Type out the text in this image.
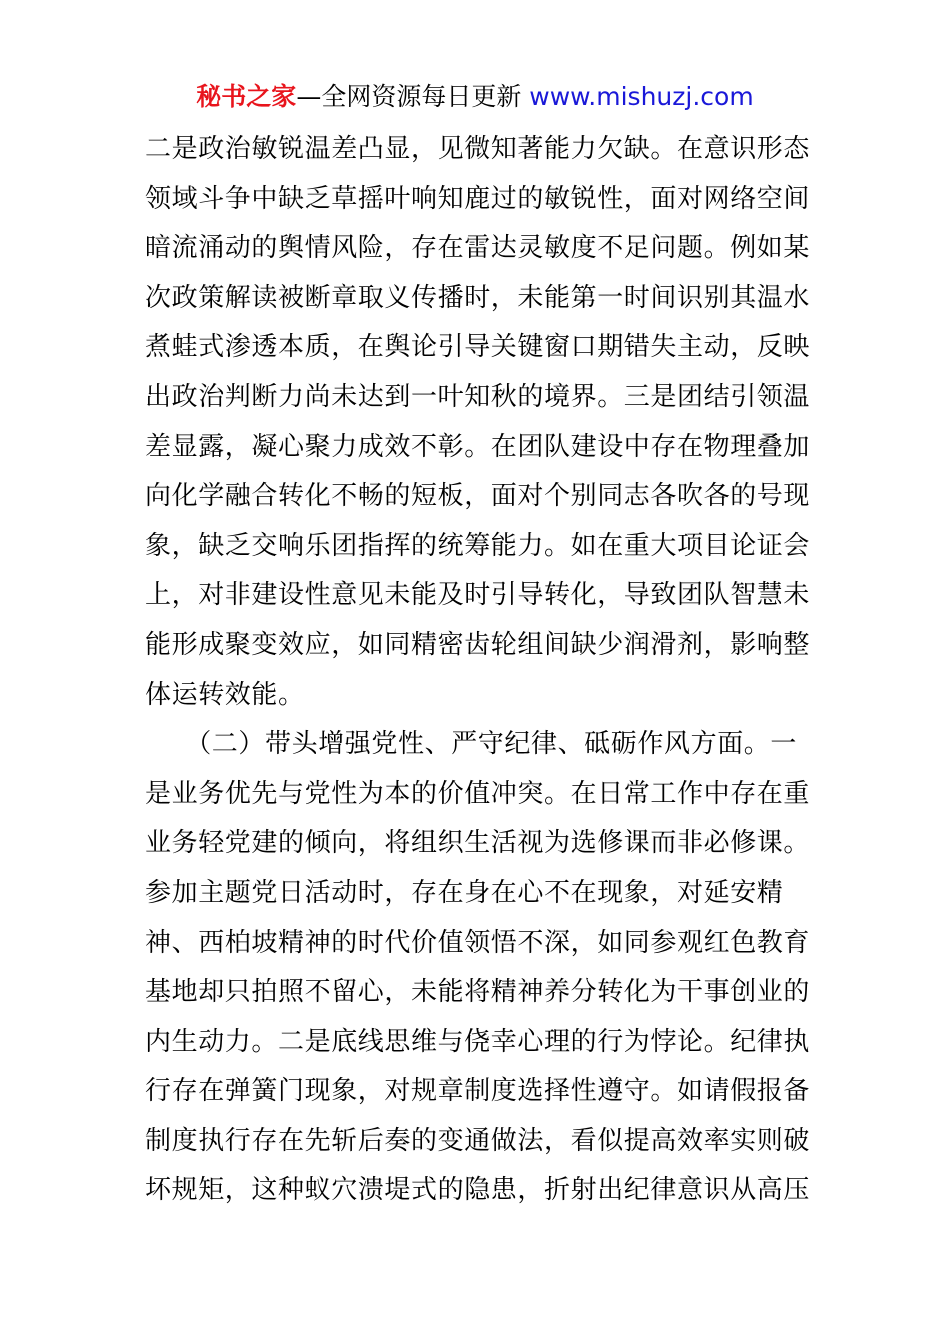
秘书之家—全网资源每日更新 www.mishuzj.com
二是政治敏锐温差凸显，见微知著能力欠缺。在意识形态
领域斗争中缺乏草摇叶响知鹿过的敏锐性，面对网络空间
暗流涌动的舆情风险，存在雷达灵敏度不足问题。例如某
次政策解读被断章取义传播时，未能第一时间识别其温水
煮蛙式渗透本质，在舆论引导关键窗口期错失主动，反映
出政治判断力尚未达到一叶知秋的境界。三是团结引领温
差显露，凝心聚力成效不彰。在团队建设中存在物理叠加
向化学融合转化不畅的短板，面对个别同志各吹各的号现
象，缺乏交响乐团指挥的统筹能力。如在重大项目论证会
上，对非建设性意见未能及时引导转化，导致团队智慧未
能形成聚变效应，如同精密齿轮组间缺少润滑剂，影响整
体运转效能。
　　（二）带头增强党性、严守纪律、砥砺作风方面。一
是业务优先与党性为本的价值冲突。在日常工作中存在重
业务轻党建的倾向，将组织生活视为选修课而非必修课。
参加主题党日活动时，存在身在心不在现象，对延安精
神、西柏坡精神的时代价值领悟不深，如同参观红色教育
基地却只拍照不留心，未能将精神养分转化为干事创业的
内生动力。二是底线思维与侥幸心理的行为悖论。纪律执
行存在弹簧门现象，对规章制度选择性遵守。如请假报备
制度执行存在先斩后奏的变通做法，看似提高效率实则破
坏规矩，这种蚁穴溃堤式的隐患，折射出纪律意识从高压
